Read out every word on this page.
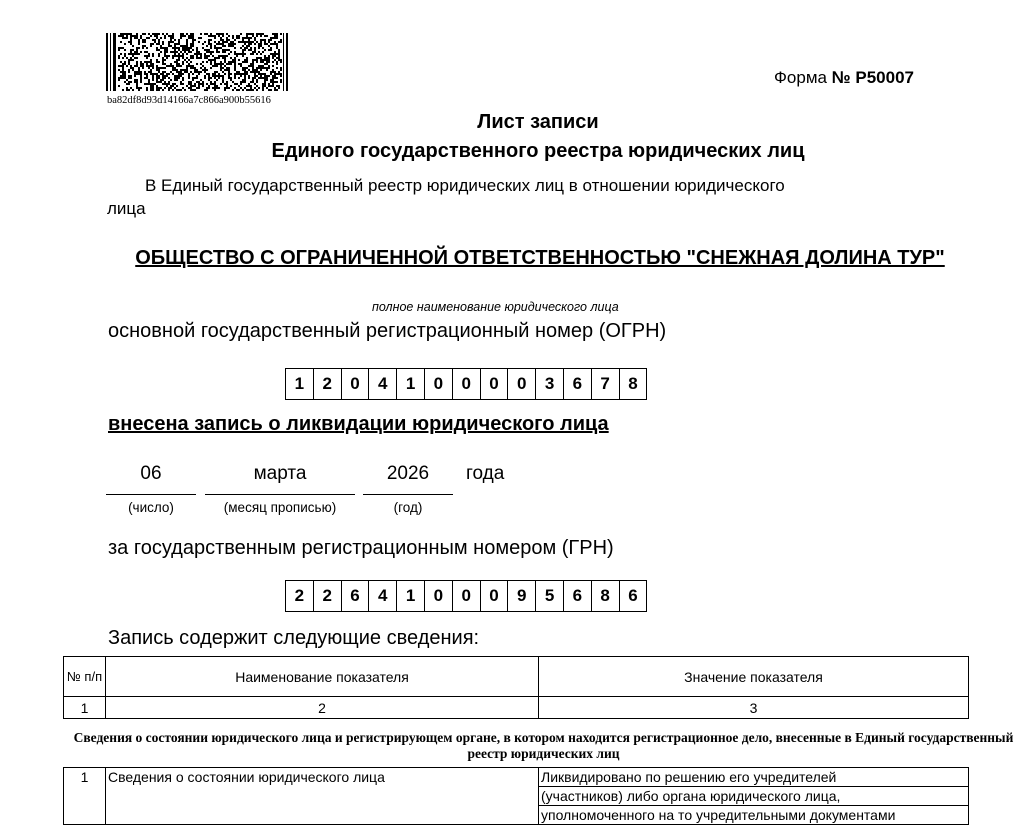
ba82df8d93d14166a7c866a900b55616
Форма № Р50007
Лист записи
Единого государственного реестра юридических лиц
В Единый государственный реестр юридических лиц в отношении юридического
лица
ОБЩЕСТВО С ОГРАНИЧЕННОЙ ОТВЕТСТВЕННОСТЬЮ "СНЕЖНАЯ ДОЛИНА ТУР"
полное наименование юридического лица
основной государственный регистрационный номер (ОГРН)
1	2	0	4	1	0	0	0	0	3	6	7	8
внесена запись о ликвидации юридического лица
06	марта	2026	года
(число)	(месяц прописью)	(год)
за государственным регистрационным номером (ГРН)
2	2	6	4	1	0	0	0	9	5	6	8	6
Запись содержит следующие сведения:
№ п/п	Наименование показателя	Значение показателя
1	2	3
Сведения о состоянии юридического лица и регистрирующем органе, в котором находится регистрационное дело, внесенные в Единый государственный реестр юридических лиц
1	Сведения о состоянии юридического лица	Ликвидировано по решению его учредителей
(участников) либо органа юридического лица,
уполномоченного на то учредительными документами
